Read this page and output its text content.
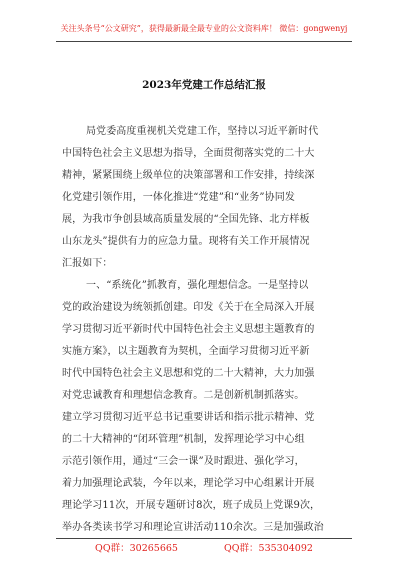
关注头条号“公文研究”，获得最新最全最专业的公文资料库！ 微信：gongwenyj
2023年党建工作总结汇报
局党委高度重视机关党建工作，坚持以习近平新时代
中国特色社会主义思想为指导，全面贯彻落实党的二十大
精神，紧紧围绕上级单位的决策部署和工作安排，持续深
化党建引领作用，一体化推进“党建”和“业务”协同发
展，为我市争创县域高质量发展的“全国先锋、北方样板
山东龙头”提供有力的应急力量。现将有关工作开展情况
汇报如下：
一、“系统化”抓教育，强化理想信念。一是坚持以
党的政治建设为统领抓创建。印发《关于在全局深入开展
学习贯彻习近平新时代中国特色社会主义思想主题教育的
实施方案》，以主题教育为契机，全面学习贯彻习近平新
时代中国特色社会主义思想和党的二十大精神，大力加强
对党忠诚教育和理想信念教育。二是创新机制抓落实。
建立学习贯彻习近平总书记重要讲话和指示批示精神、党
的二十大精神的“闭环管理”机制，发挥理论学习中心组
示范引领作用，通过“三会一课”及时跟进、强化学习，
着力加强理论武装，今年以来，理论学习中心组累计开展
理论学习11次，开展专题研讨8次，班子成员上党课9次，
举办各类读书学习和理论宣讲活动110余次。三是加强政治
QQ群：30265665	QQ群：535304092
